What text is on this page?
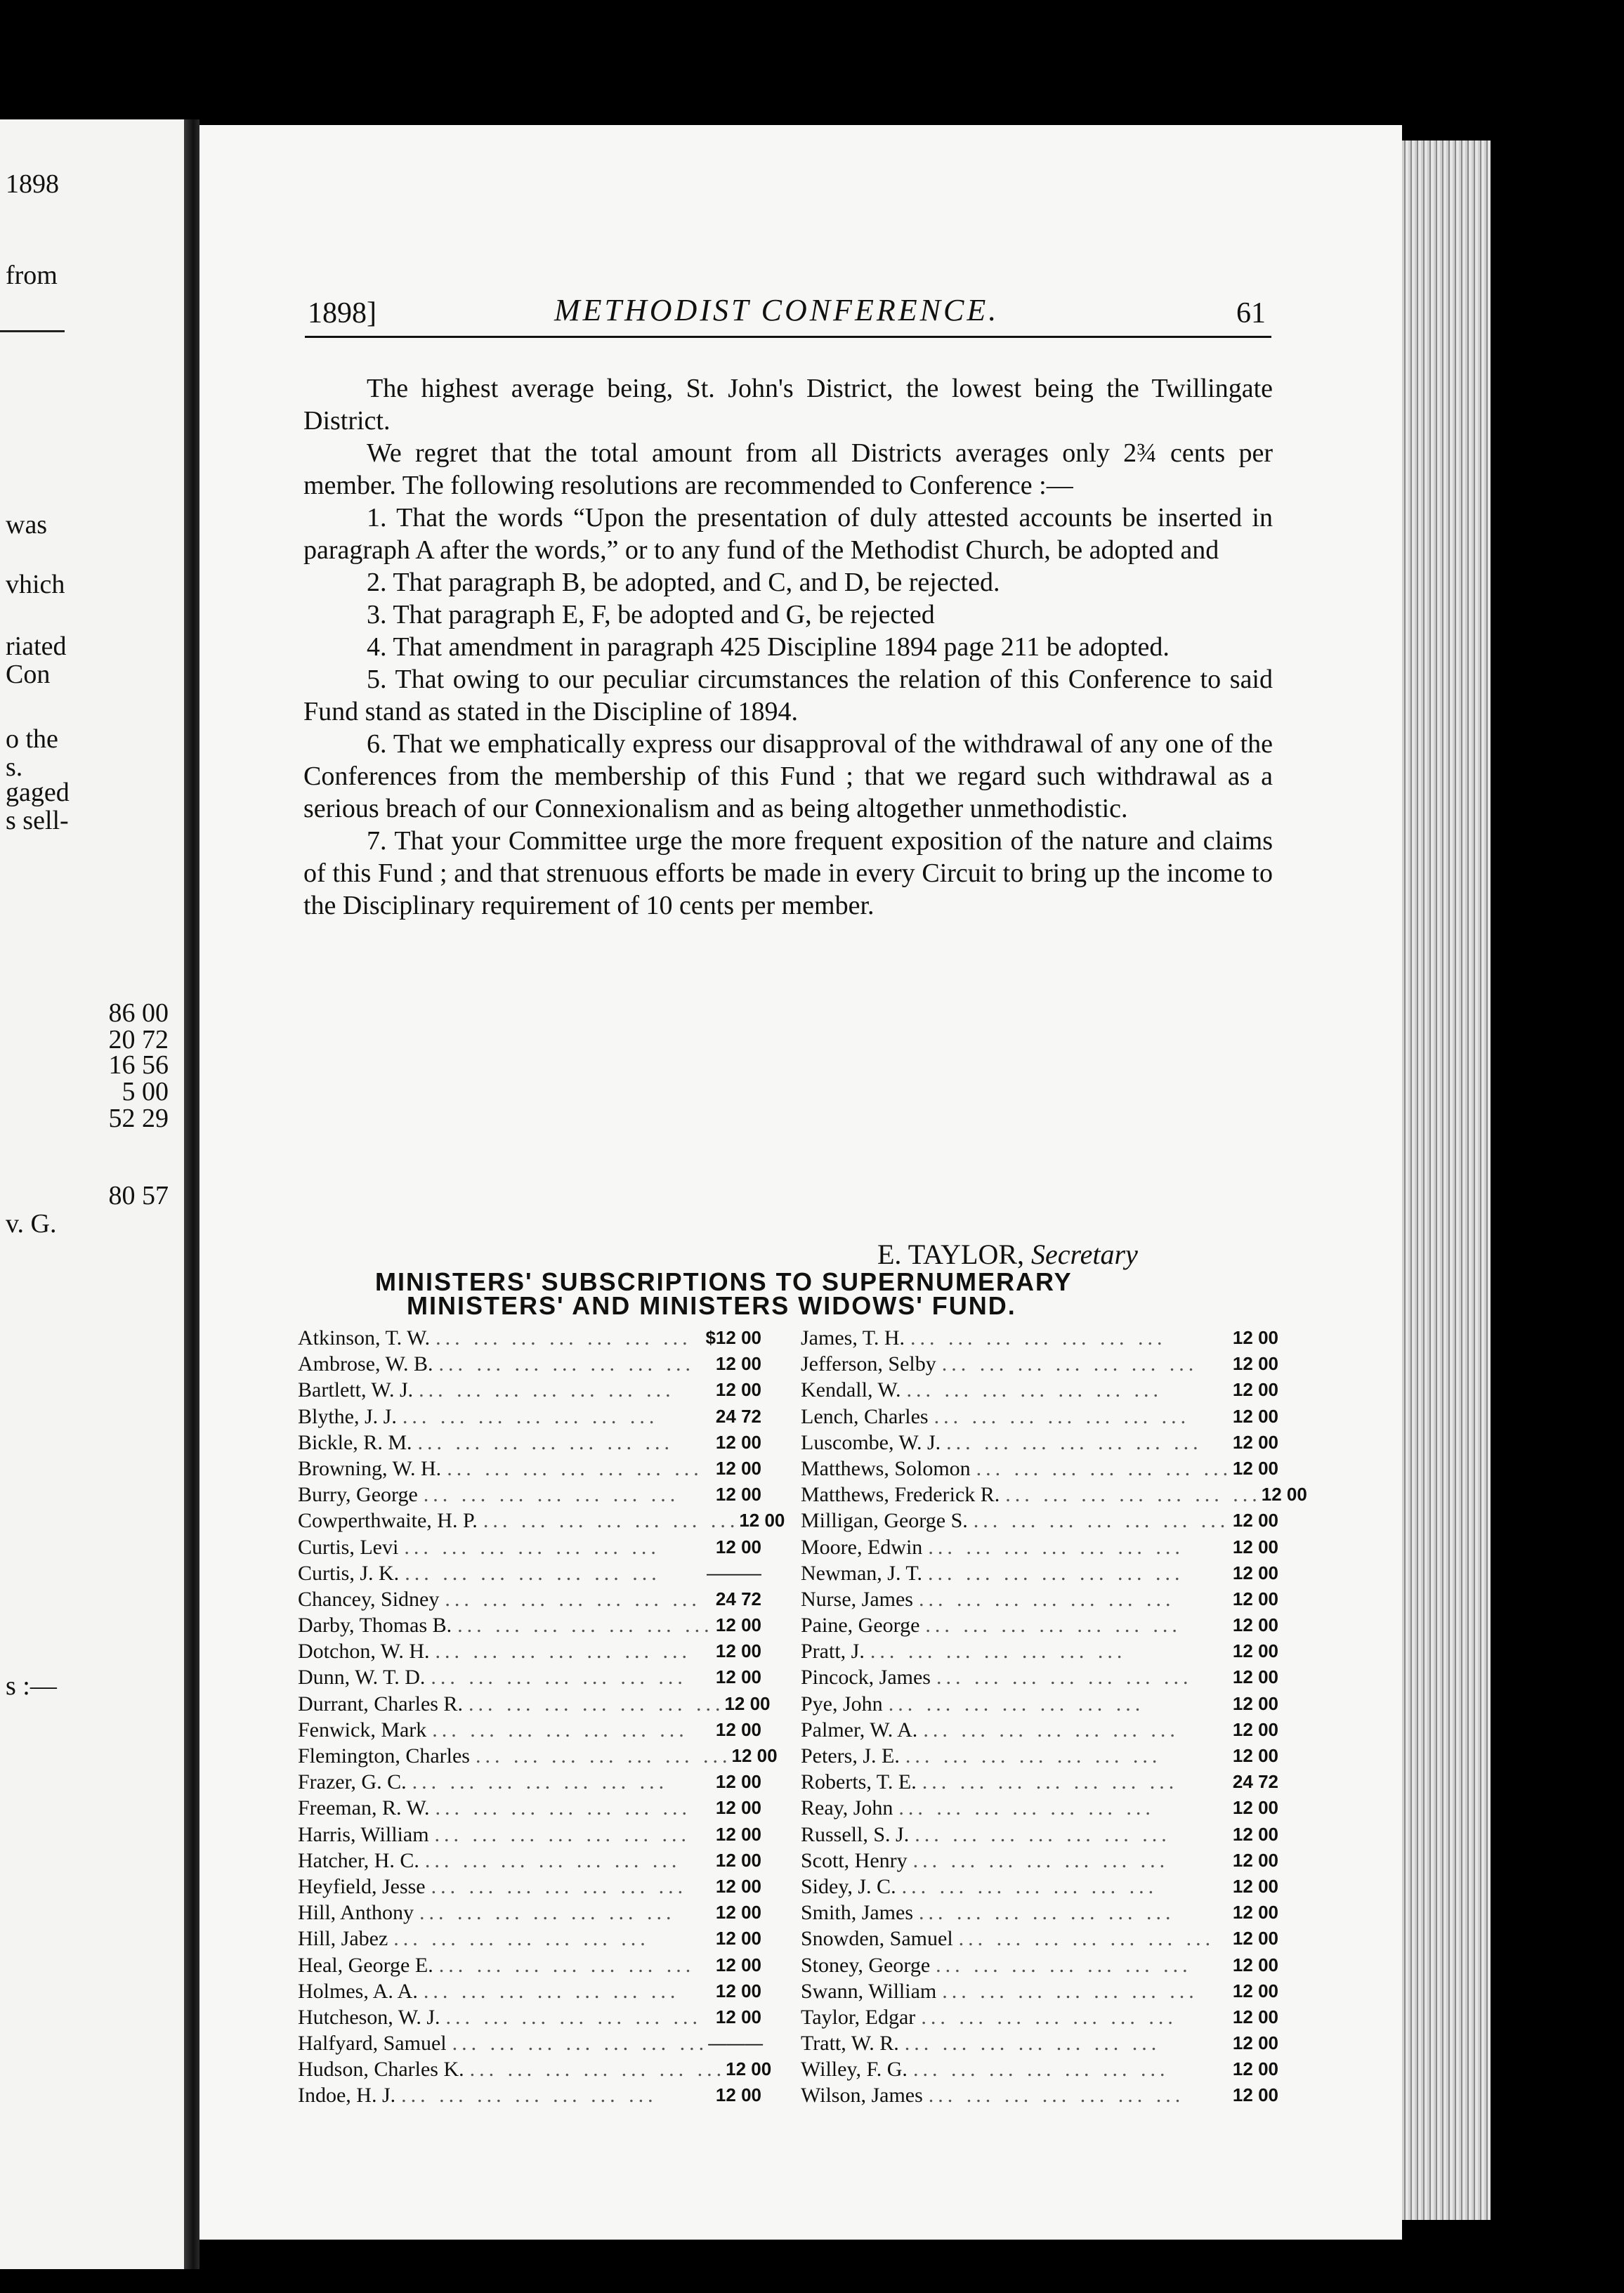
1898
from
was
vhich
riated
Con
o the
s.
gaged
s sell-
86 00
20 72
16 56
5 00
52 29
80 57
v. G.
s :—
1898]	METHODIST CONFERENCE.	61

The highest average being, St. John's District, the lowest being the Twillingate District.

We regret that the total amount from all Districts averages only 2¾ cents per member. The following resolutions are recommended to Conference :—

1. That the words “Upon the presentation of duly attested accounts be inserted in paragraph A after the words,” or to any fund of the Methodist Church, be adopted and

2. That paragraph B, be adopted, and C, and D, be rejected.

3. That paragraph E, F, be adopted and G, be rejected

4. That amendment in paragraph 425 Discipline 1894 page 211 be adopted.

5. That owing to our peculiar circumstances the relation of this Conference to said Fund stand as stated in the Discipline of 1894.

6. That we emphatically express our disapproval of the withdrawal of any one of the Conferences from the membership of this Fund ; that we regard such withdrawal as a serious breach of our Connexionalism and as being altogether unmethodistic.

7. That your Committee urge the more frequent exposition of the nature and claims of this Fund ; and that strenuous efforts be made in every Circuit to bring up the income to the Disciplinary requirement of 10 cents per member.

E. TAYLOR, Secretary
MINISTERS' SUBSCRIPTIONS TO SUPERNUMERARY
MINISTERS' AND MINISTERS WIDOWS' FUND.
Atkinson, T. W. ... ... ... ... ... ... ... $12 00
Ambrose, W. B. ... ... ... ... ... ... ...	12 00
Bartlett, W. J. ... ... ... ... ... ... ...	12 00
Blythe, J. J. ... ... ... ... ... ... ...	24 72
Bickle, R. M. ... ... ... ... ... ... ...	12 00
Browning, W. H. ... ... ... ... ... ... ... 12 00
Burry, George ... ... ... ... ... ... ...	12 00
Cowperthwaite, H. P. ... ... ... ... ... ... ... 12 00
Curtis, Levi ... ... ... ... ... ... ...	12 00
Curtis, J. K. ... ... ... ... ... ... ...	———
Chancey, Sidney ... ... ... ... ... ... ... 24 72
Darby, Thomas B. ... ... ... ... ... ... ... 12 00
Dotchon, W. H. ... ... ... ... ... ... ...	12 00
Dunn, W. T. D. ... ... ... ... ... ... ...	12 00
Durrant, Charles R. ... ... ... ... ... ... ... 12 00
Fenwick, Mark ... ... ... ... ... ... ...	12 00
Flemington, Charles ... ... ... ... ... ... ... 12 00
Frazer, G. C. ... ... ... ... ... ... ...	12 00
Freeman, R. W. ... ... ... ... ... ... ...	12 00
Harris, William ... ... ... ... ... ... ...	12 00
Hatcher, H. C. ... ... ... ... ... ... ...	12 00
Heyfield, Jesse ... ... ... ... ... ... ...	12 00
Hill, Anthony ... ... ... ... ... ... ...	12 00
Hill, Jabez ... ... ... ... ... ... ...	12 00
Heal, George E. ... ... ... ... ... ... ...	12 00
Holmes, A. A. ... ... ... ... ... ... ...	12 00
Hutcheson, W. J. ... ... ... ... ... ... ... 12 00
Halfyard, Samuel ... ... ... ... ... ... ... ———
Hudson, Charles K. ... ... ... ... ... ... ... 12 00
Indoe, H. J. ... ... ... ... ... ... ...	12 00
James, T. H. ... ... ... ... ... ... ...	12 00
Jefferson, Selby ... ... ... ... ... ... ...	12 00
Kendall, W. ... ... ... ... ... ... ...	12 00
Lench, Charles ... ... ... ... ... ... ...	12 00
Luscombe, W. J. ... ... ... ... ... ... ...	12 00
Matthews, Solomon ... ... ... ... ... ... ... 12 00
Matthews, Frederick R. ... ... ... ... ... ... ... 12 00
Milligan, George S. ... ... ... ... ... ... ... 12 00
Moore, Edwin ... ... ... ... ... ... ...	12 00
Newman, J. T. ... ... ... ... ... ... ...	12 00
Nurse, James ... ... ... ... ... ... ...	12 00
Paine, George ... ... ... ... ... ... ...	12 00
Pratt, J. ... ... ... ... ... ... ...	12 00
Pincock, James ... ... ... ... ... ... ...	12 00
Pye, John ... ... ... ... ... ... ...	12 00
Palmer, W. A. ... ... ... ... ... ... ...	12 00
Peters, J. E. ... ... ... ... ... ... ...	12 00
Roberts, T. E. ... ... ... ... ... ... ...	24 72
Reay, John ... ... ... ... ... ... ...	12 00
Russell, S. J. ... ... ... ... ... ... ...	12 00
Scott, Henry ... ... ... ... ... ... ...	12 00
Sidey, J. C. ... ... ... ... ... ... ...	12 00
Smith, James ... ... ... ... ... ... ...	12 00
Snowden, Samuel ... ... ... ... ... ... ... 12 00
Stoney, George ... ... ... ... ... ... ...	12 00
Swann, William ... ... ... ... ... ... ...	12 00
Taylor, Edgar ... ... ... ... ... ... ...	12 00
Tratt, W. R. ... ... ... ... ... ... ...	12 00
Willey, F. G. ... ... ... ... ... ... ...	12 00
Wilson, James ... ... ... ... ... ... ...	12 00
